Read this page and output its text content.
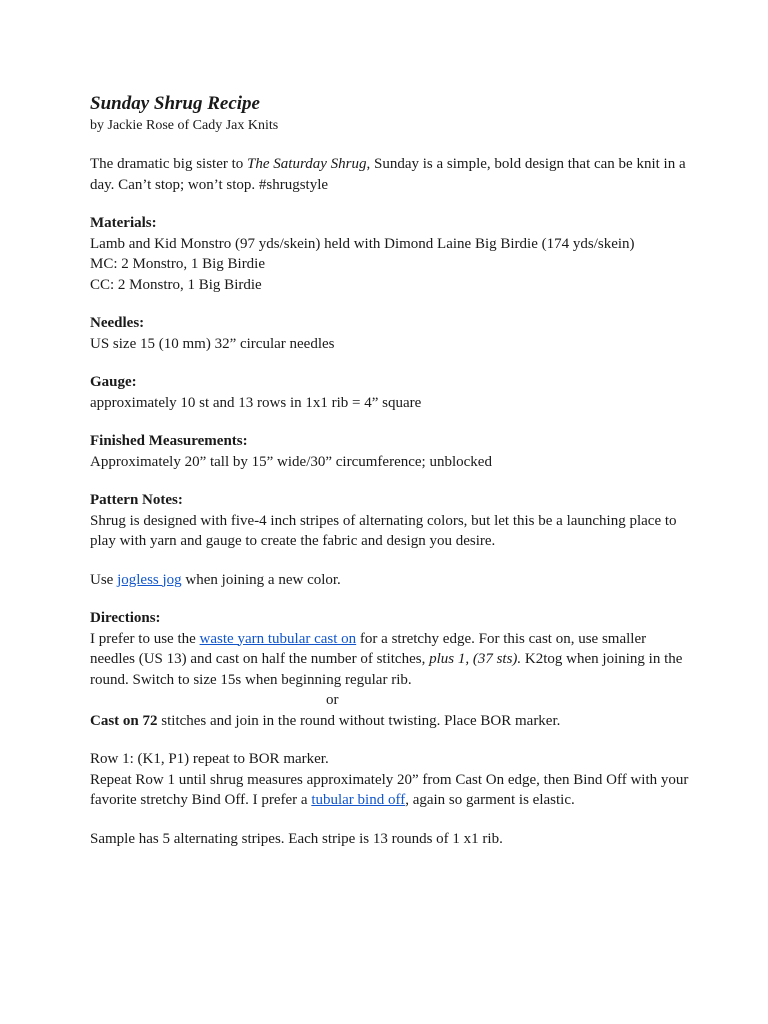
Sunday Shrug Recipe

by Jackie Rose of Cady Jax Knits

The dramatic big sister to The Saturday Shrug, Sunday is a simple, bold design that can be knit in a day. Can’t stop; won’t stop. #shrugstyle

Materials:

Lamb and Kid Monstro (97 yds/skein) held with Dimond Laine Big Birdie (174 yds/skein)

MC: 2 Monstro, 1 Big Birdie

CC: 2 Monstro, 1 Big Birdie

Needles:

US size 15 (10 mm) 32” circular needles

Gauge:

approximately 10 st and 13 rows in 1x1 rib = 4” square

Finished Measurements:

Approximately 20” tall by 15” wide/30” circumference; unblocked

Pattern Notes:

Shrug is designed with five-4 inch stripes of alternating colors, but let this be a launching place to play with yarn and gauge to create the fabric and design you desire.

Use jogless jog when joining a new color.

Directions:

I prefer to use the waste yarn tubular cast on for a stretchy edge. For this cast on, use smaller needles (US 13) and cast on half the number of stitches, plus 1, (37 sts). K2tog when joining in the round. Switch to size 15s when beginning regular rib.

or

Cast on 72 stitches and join in the round without twisting. Place BOR marker.

Row 1: (K1, P1) repeat to BOR marker.

Repeat Row 1 until shrug measures approximately 20” from Cast On edge, then Bind Off with your favorite stretchy Bind Off. I prefer a tubular bind off, again so garment is elastic.

Sample has 5 alternating stripes. Each stripe is 13 rounds of 1 x1 rib.
